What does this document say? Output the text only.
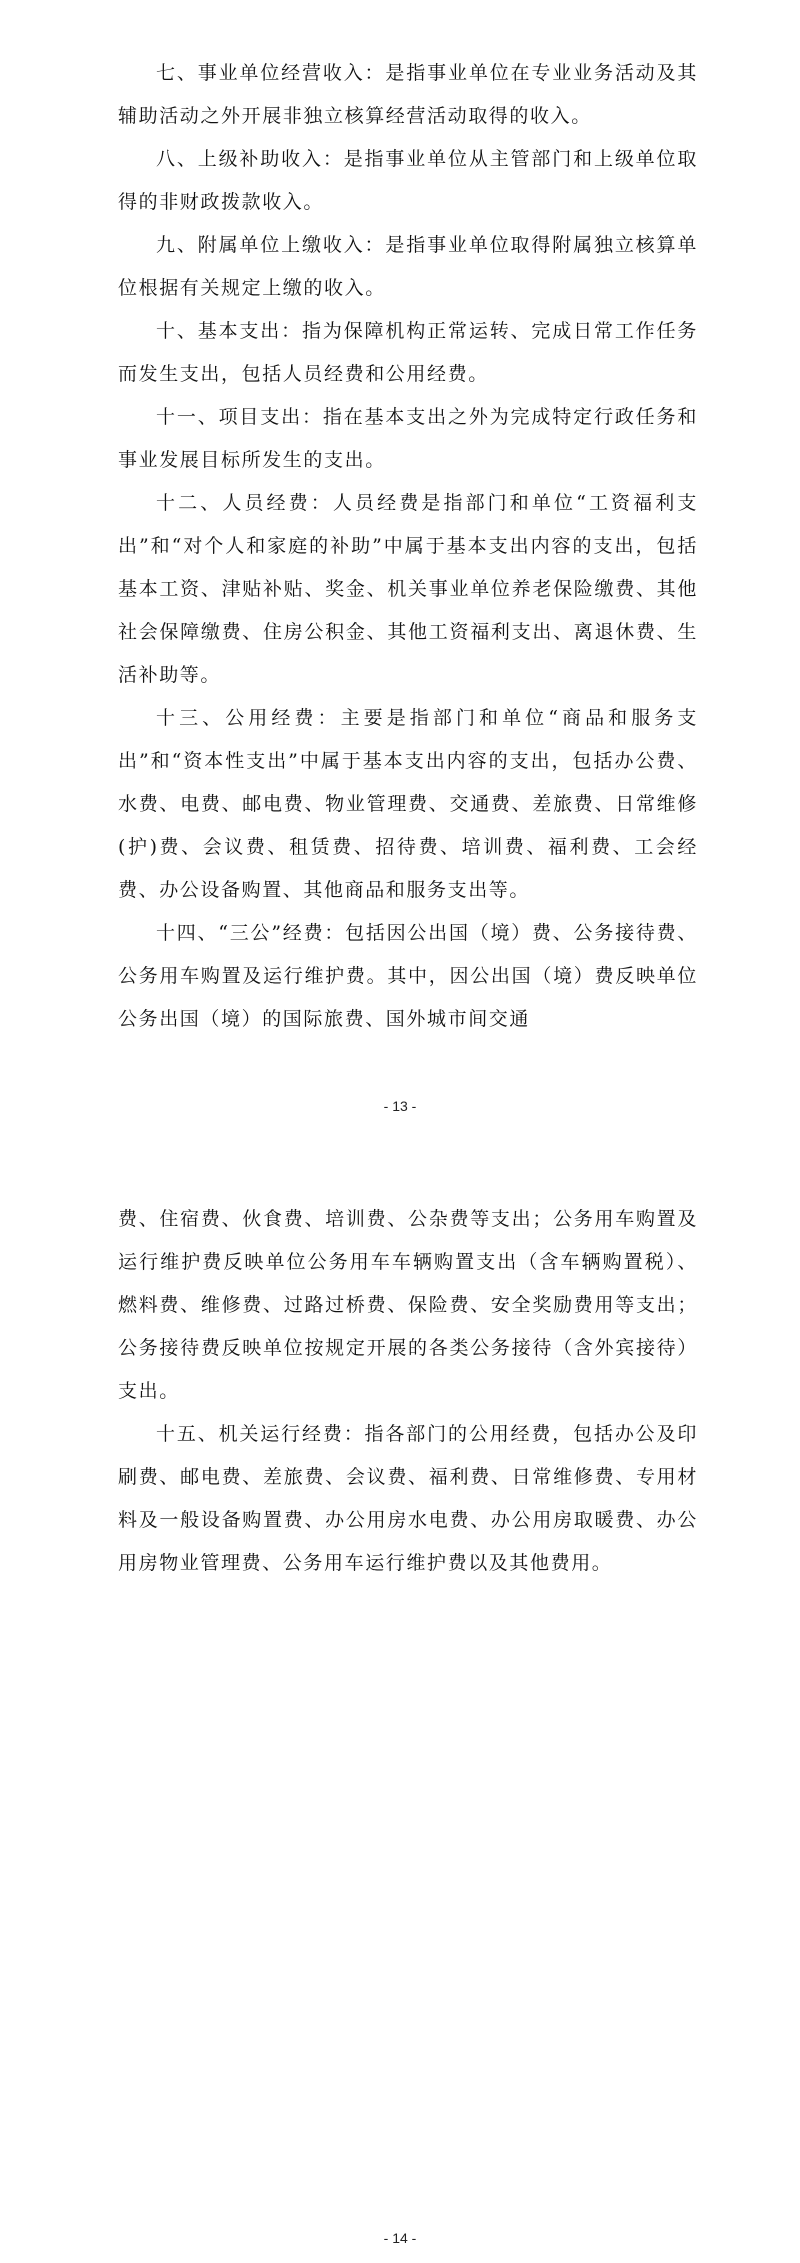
七、事业单位经营收入：是指事业单位在专业业务活动及其辅助活动之外开展非独立核算经营活动取得的收入。

八、上级补助收入：是指事业单位从主管部门和上级单位取得的非财政拨款收入。

九、附属单位上缴收入：是指事业单位取得附属独立核算单位根据有关规定上缴的收入。

十、基本支出：指为保障机构正常运转、完成日常工作任务而发生支出，包括人员经费和公用经费。

十一、项目支出：指在基本支出之外为完成特定行政任务和事业发展目标所发生的支出。

十二、人员经费：人员经费是指部门和单位“工资福利支出”和“对个人和家庭的补助”中属于基本支出内容的支出，包括基本工资、津贴补贴、奖金、机关事业单位养老保险缴费、其他社会保障缴费、住房公积金、其他工资福利支出、离退休费、生活补助等。

十三、公用经费：主要是指部门和单位“商品和服务支出”和“资本性支出”中属于基本支出内容的支出，包括办公费、水费、电费、邮电费、物业管理费、交通费、差旅费、日常维修(护)费、会议费、租赁费、招待费、培训费、福利费、工会经费、办公设备购置、其他商品和服务支出等。

十四、“三公”经费：包括因公出国（境）费、公务接待费、公务用车购置及运行维护费。其中，因公出国（境）费反映单位公务出国（境）的国际旅费、国外城市间交通

- 13 -

费、住宿费、伙食费、培训费、公杂费等支出；公务用车购置及运行维护费反映单位公务用车车辆购置支出（含车辆购置税）、燃料费、维修费、过路过桥费、保险费、安全奖励费用等支出；公务接待费反映单位按规定开展的各类公务接待（含外宾接待）支出。

十五、机关运行经费：指各部门的公用经费，包括办公及印刷费、邮电费、差旅费、会议费、福利费、日常维修费、专用材料及一般设备购置费、办公用房水电费、办公用房取暖费、办公用房物业管理费、公务用车运行维护费以及其他费用。

- 14 -
